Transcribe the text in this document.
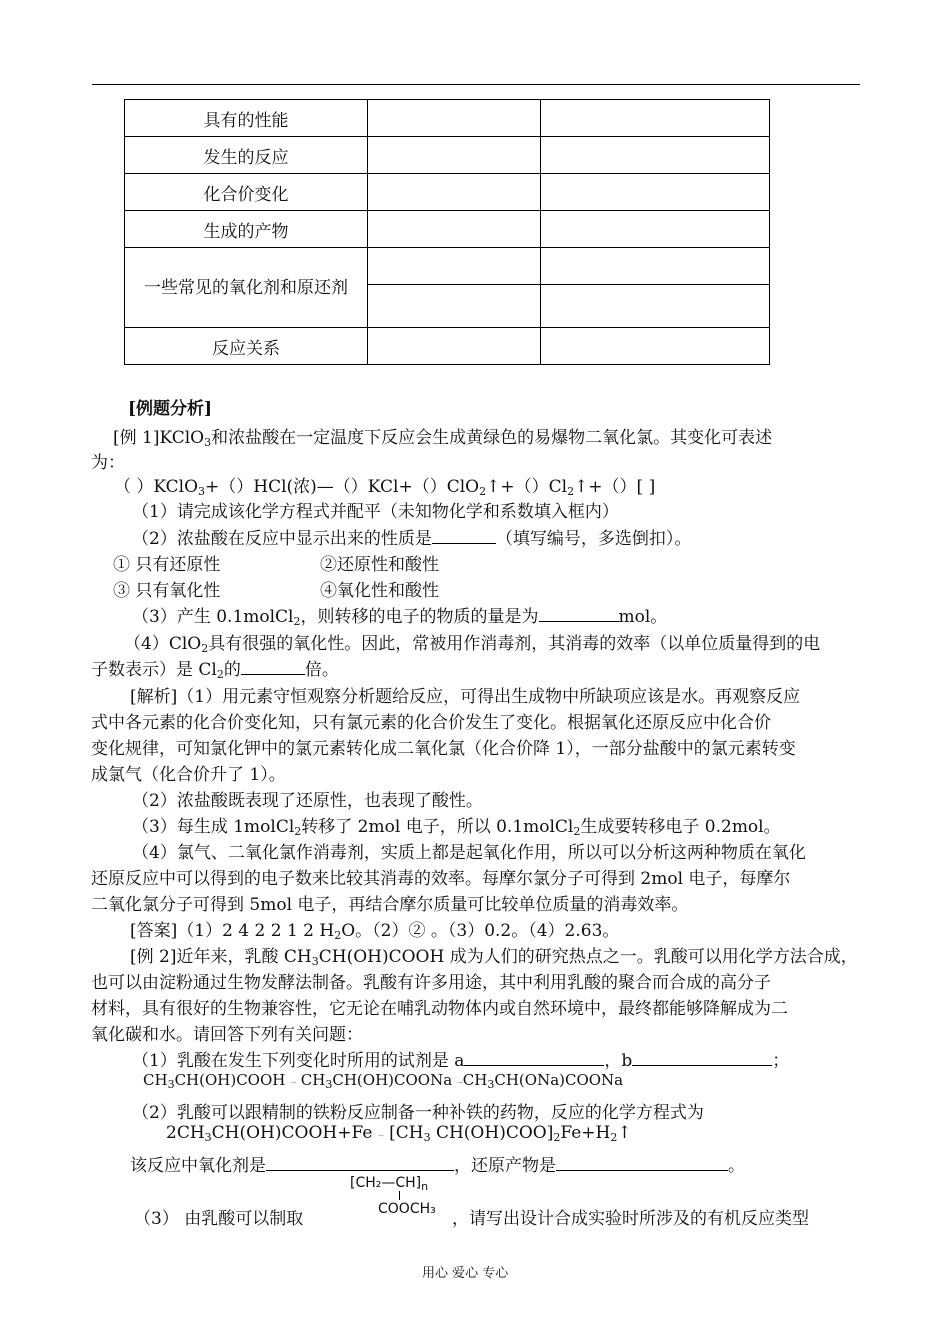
具有的性能		
发生的反应		
化合价变化		
生成的产物		

一些常见的氧化剂和原还剂		

反应关系		
[例题分析]
[例 1]KClO$_3$和浓盐酸在一定温度下反应会生成黄绿色的易爆物二氧化氯。其变化可表述
为：
（ ）KClO$_3$+（）HCl(浓)$—()KCl+()ClO_2↑+()Cl_2↑+()$[ ]
（1）请完成该化学方程式并配平（未知物化学和系数填入框内）
（2）浓盐酸在反应中显示出来的性质是	（填写编号，多选倒扣）。
① 只有还原性	②还原性和酸性
③ 只有氧化性	④氧化性和酸性
（3）产生 0.1molCl$_2$，则转移的电子的物质的量是为	mol。
（4）ClO$_2$具有很强的氧化性。因此，常被用作消毒剂，其消毒的效率（以单位质量得到的电
子数表示）是 $Cl_2$的	倍。
[解析]（1）用元素守恒观察分析题给反应，可得出生成物中所缺项应该是水。再观察反应
式中各元素的化合价变化知，只有氯元素的化合价发生了变化。根据氧化还原反应中化合价
变化规律，可知氯化钾中的氯元素转化成二氧化氯（化合价降 1），一部分盐酸中的氯元素转变
成氯气（化合价升了 1）。
（2）浓盐酸既表现了还原性，也表现了酸性。
（3）每生成 1molCl$_2$转移了 2mol 电子，所以 0.1molCl$_2$生成要转移电子 0.2mol。
（4）氯气、二氧化氯作消毒剂，实质上都是起氧化作用，所以可以分析这两种物质在氧化
还原反应中可以得到的电子数来比较其消毒的效率。每摩尔氯分子可得到 2mol 电子，每摩尔
二氧化氯分子可得到 5mol 电子，再结合摩尔质量可比较单位质量的消毒效率。
[答案]（1）2 4 2 2 1 2 $H_2O$。（2）② 。（3）0.2。（4）2.63。
[例 2]近年来，乳酸 $CH_3CH(OH)COOH$ 成为人们的研究热点之一。乳酸可以用化学方法合成，
也可以由淀粉通过生物发酵法制备。乳酸有许多用途，其中利用乳酸的聚合而合成的高分子
材料，具有很好的生物兼容性，它无论在哺乳动物体内或自然环境中，最终都能够降解成为二
氧化碳和水。请回答下列有关问题：
（1）乳酸在发生下列变化时所用的试剂是 a	，b	；
$CH_3CH(OH)COOH$ → $CH_3CH(OH)COONa$ $\to CH_3CH(ONa)COONa$
（2）乳酸可以跟精制的铁粉反应制备一种补铁的药物，反应的化学方程式为
$2CH_3CH(OH)COOH+Fe \to [CH_3$ $CH(OH)COO]_2Fe+H_2↑$
该反应中氧化剂是	，还原产物是	。
$[CH_2—CH]_n$
COOCH₃
（3） 由乳酸可以制取	，请写出设计合成实验时所涉及的有机反应类型
用心 爱心 专心
